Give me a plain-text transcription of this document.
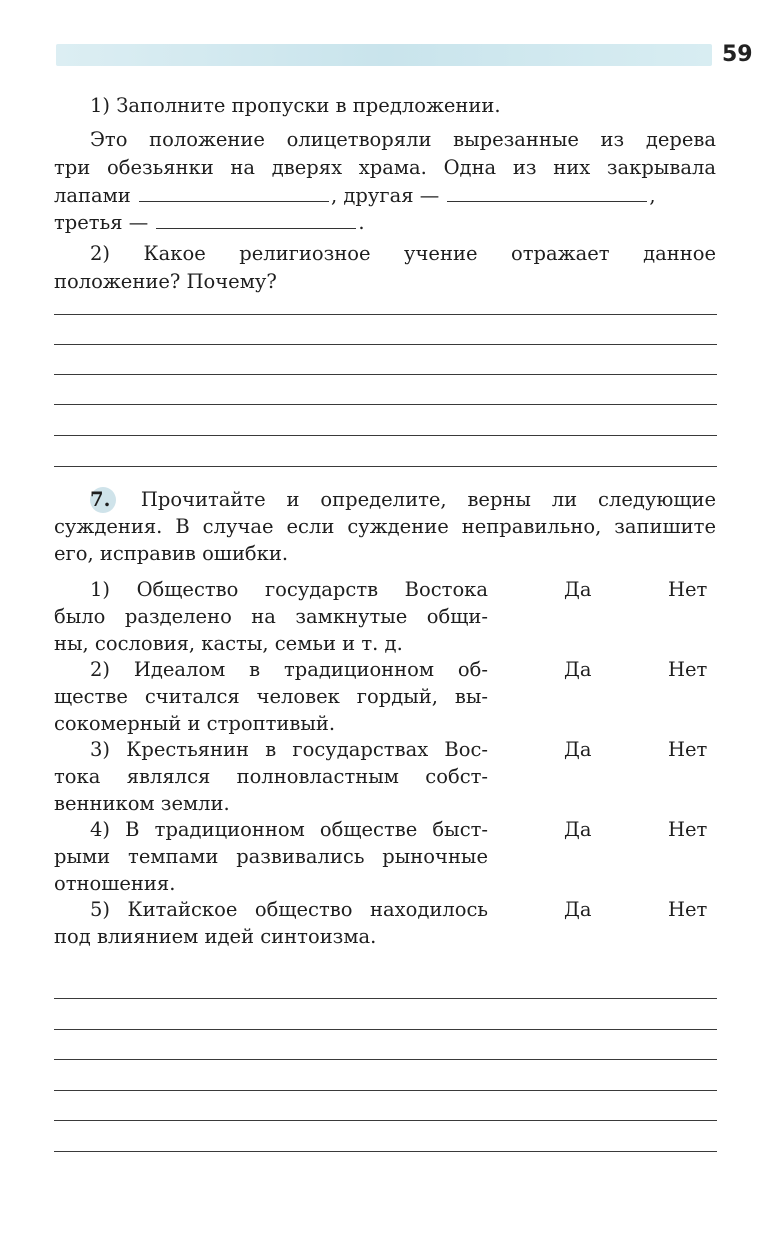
59
1) Заполните пропуски в предложении.
Это положение олицетворяли вырезанные из дерева
три обезьянки на дверях храма. Одна из них закрывала
лапами	, другая —	,
третья —	.
2) Какое религиозное учение отражает данное
положение? Почему?
7. Прочитайте и определите, верны ли следующие
суждения. В случае если суждение неправильно, запишите
его, исправив ошибки.
1) Общество государств Востока
было разделено на замкнутые общи-
ны, сословия, касты, семьи и т. д.
Да	Нет
2) Идеалом в традиционном об-
ществе считался человек гордый, вы-
сокомерный и строптивый.
Да	Нет
3) Крестьянин в государствах Вос-
тока являлся полновластным собст-
венником земли.
Да	Нет
4) В традиционном обществе быст-
рыми темпами развивались рыночные
отношения.
Да	Нет
5) Китайское общество находилось
под влиянием идей синтоизма.
Да	Нет
